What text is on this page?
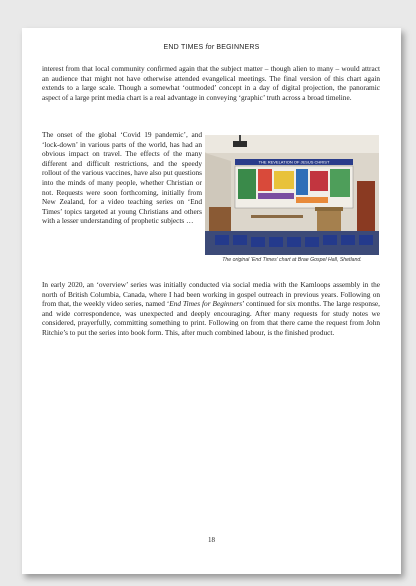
END TIMES for BEGINNERS

interest from that local community confirmed again that the subject matter – though alien to many – would attract an audience that might not have otherwise attended evangelical meetings. The final version of this chart again extends to a large scale. Though a somewhat ‘outmoded’ concept in a day of digital projection, the panoramic aspect of a large print media chart is a real advantage in conveying ‘graphic’ truth across a broad timeline.

The onset of the global ‘Covid 19 pandemic’, and ‘lock-down’ in various parts of the world, has had an obvious impact on travel. The effects of the many different and difficult restrictions, and the speedy rollout of the various vaccines, have also put questions into the minds of many people, whether Christian or not. Requests were soon forthcoming, initially from New Zealand, for a video teaching series on ‘End Times’ topics targeted at young Christians and others with a lesser understanding of prophetic subjects …

THE REVELATION OF JESUS CHRIST
The original ‘End Times’ chart at Brae Gospel Hall, Shetland.

In early 2020, an ‘overview’ series was initially conducted via social media with the Kamloops assembly in the north of British Columbia, Canada, where I had been working in gospel outreach in previous years. Following on from that, the weekly video series, named ‘End Times for Beginners’ continued for six months. The large response, and wide correspondence, was unexpected and deeply encouraging. After many requests for study notes we considered, prayerfully, committing something to print. Following on from that there came the request from John Ritchie’s to put the series into book form. This, after much combined labour, is the finished product.

18
